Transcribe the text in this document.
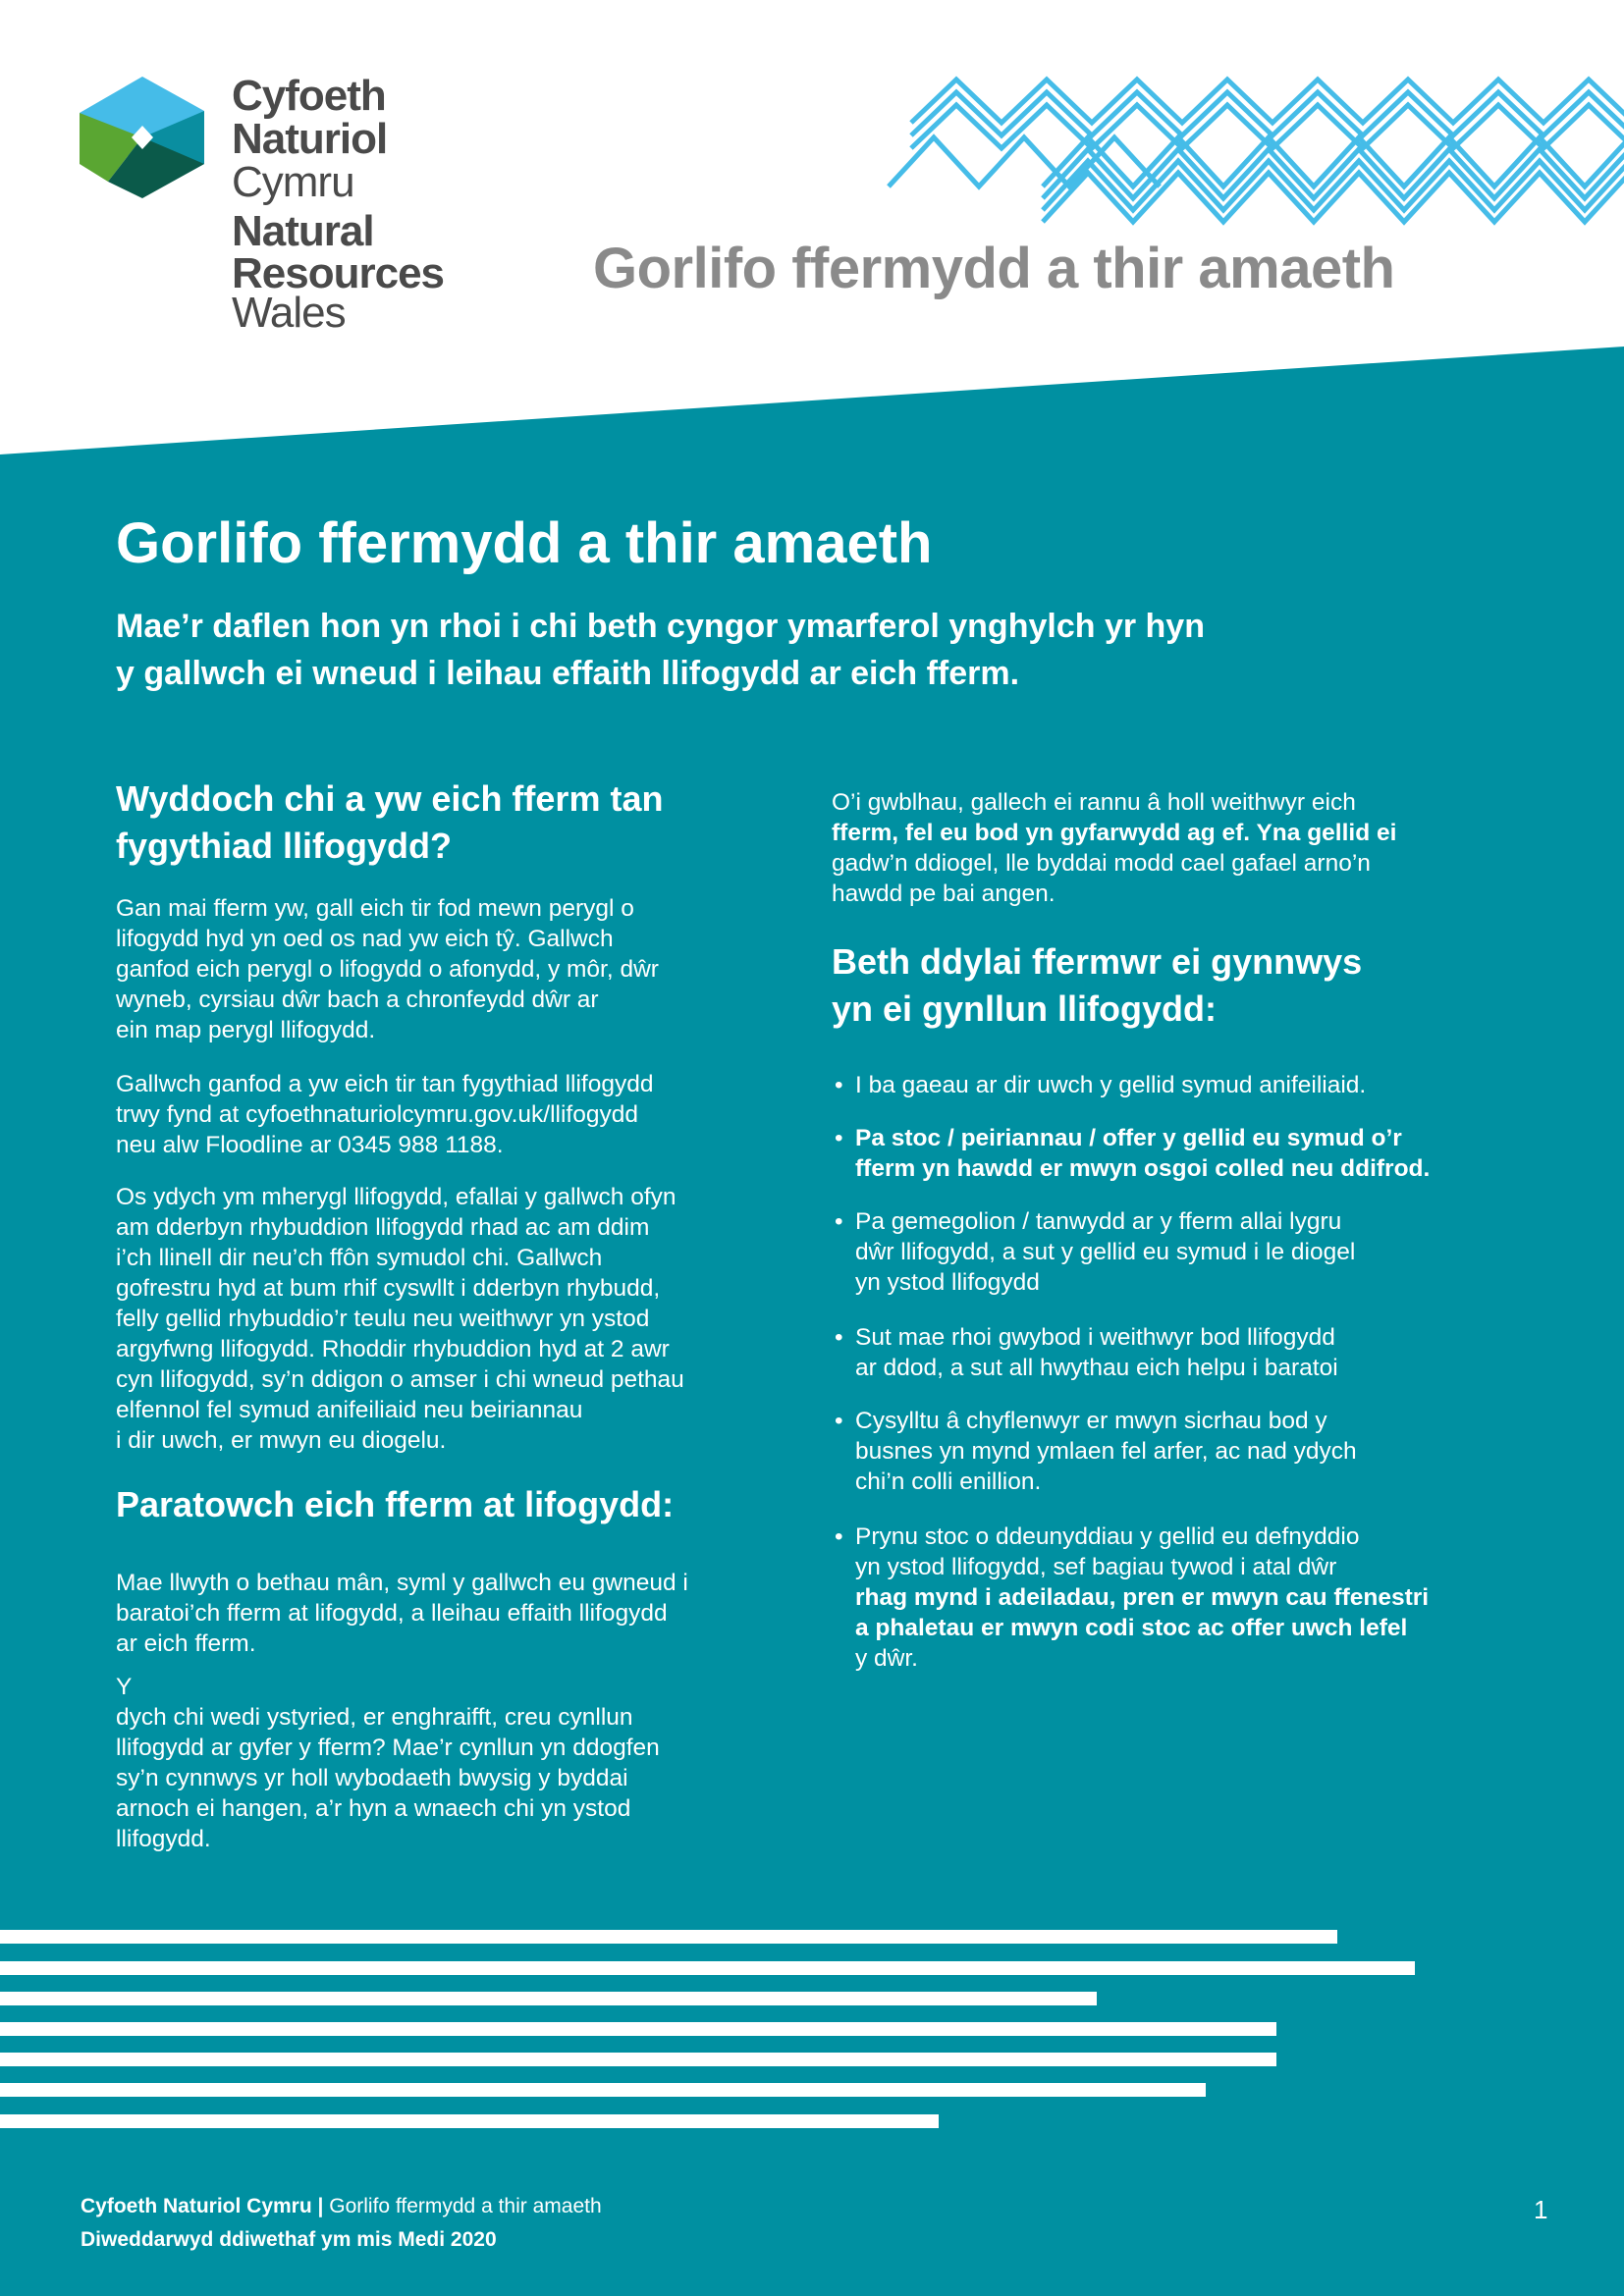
Cyfoeth
Naturiol
Cymru
Natural
Resources
Wales
Gorlifo ffermydd a thir amaeth
Gorlifo ffermydd a thir amaeth
Mae’r daflen hon yn rhoi i chi beth cyngor ymarferol ynghylch yr hyn
y gallwch ei wneud i leihau effaith llifogydd ar eich fferm.
Wyddoch chi a yw eich fferm tan
fygythiad llifogydd?
Gan mai fferm yw, gall eich tir fod mewn perygl o
lifogydd hyd yn oed os nad yw eich tŷ. Gallwch
ganfod eich perygl o lifogydd o afonydd, y môr, dŵr
wyneb, cyrsiau dŵr bach a chronfeydd dŵr ar
ein map perygl llifogydd.
Gallwch ganfod a yw eich tir tan fygythiad llifogydd
trwy fynd at cyfoethnaturiolcymru.gov.uk/llifogydd
neu alw Floodline ar 0345 988 1188.
Os ydych ym mherygl llifogydd, efallai y gallwch ofyn
am dderbyn rhybuddion llifogydd rhad ac am ddim
i’ch llinell dir neu’ch ffôn symudol chi. Gallwch
gofrestru hyd at bum rhif cyswllt i dderbyn rhybudd,
felly gellid rhybuddio’r teulu neu weithwyr yn ystod
argyfwng llifogydd. Rhoddir rhybuddion hyd at 2 awr
cyn llifogydd, sy’n ddigon o amser i chi wneud pethau
elfennol fel symud anifeiliaid neu beiriannau
i dir uwch, er mwyn eu diogelu.
Paratowch eich fferm at lifogydd:
Mae llwyth o bethau mân, syml y gallwch eu gwneud i
baratoi’ch fferm at lifogydd, a lleihau effaith llifogydd
ar eich fferm.
Y
dych chi wedi ystyried, er enghraifft, creu cynllun
llifogydd ar gyfer y fferm? Mae’r cynllun yn ddogfen
sy’n cynnwys yr holl wybodaeth bwysig y byddai
arnoch ei hangen, a’r hyn a wnaech chi yn ystod
llifogydd.
O’i gwblhau, gallech ei rannu â holl weithwyr eich
fferm, fel eu bod yn gyfarwydd ag ef. Yna gellid ei
gadw’n ddiogel, lle byddai modd cael gafael arno’n
hawdd pe bai angen.
Beth ddylai ffermwr ei gynnwys
yn ei gynllun llifogydd:
• I ba gaeau ar dir uwch y gellid symud anifeiliaid.
• Pa stoc / peiriannau / offer y gellid eu symud o’r
fferm yn hawdd er mwyn osgoi colled neu ddifrod.
• Pa gemegolion / tanwydd ar y fferm allai lygru
dŵr llifogydd, a sut y gellid eu symud i le diogel
yn ystod llifogydd
• Sut mae rhoi gwybod i weithwyr bod llifogydd
ar ddod, a sut all hwythau eich helpu i baratoi
• Cysylltu â chyflenwyr er mwyn sicrhau bod y
busnes yn mynd ymlaen fel arfer, ac nad ydych
chi’n colli enillion.
• Prynu stoc o ddeunyddiau y gellid eu defnyddio
yn ystod llifogydd, sef bagiau tywod i atal dŵr
rhag mynd i adeiladau, pren er mwyn cau ffenestri
a phaletau er mwyn codi stoc ac offer uwch lefel
y dŵr.
Cyfoeth Naturiol Cymru | Gorlifo ffermydd a thir amaeth
Diweddarwyd ddiwethaf ym mis Medi 2020
1
